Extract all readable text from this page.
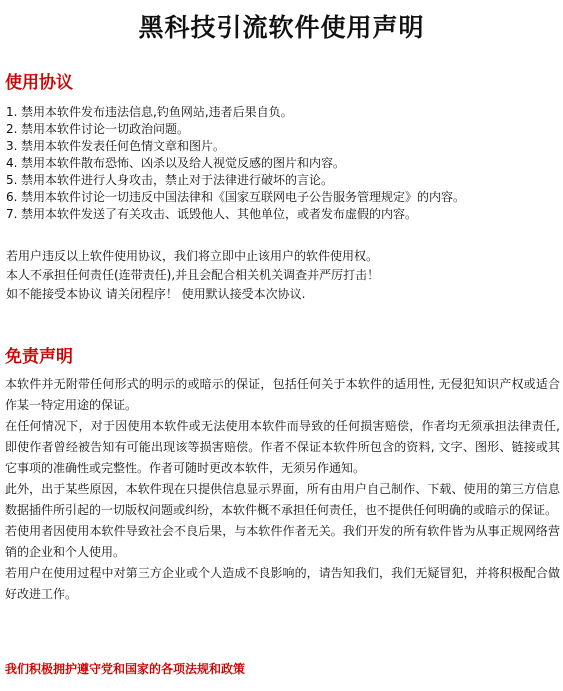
黑科技引流软件使用声明
使用协议
1. 禁用本软件发布违法信息,钓鱼网站,违者后果自负。
2. 禁用本软件讨论一切政治问题。
3. 禁用本软件发表任何色情文章和图片。
4. 禁用本软件散布恐怖、凶杀以及给人视觉反感的图片和内容。
5. 禁用本软件进行人身攻击，禁止对于法律进行破坏的言论。
6. 禁用本软件讨论一切违反中国法律和《国家互联网电子公告服务管理规定》的内容。
7. 禁用本软件发送了有关攻击、诋毁他人、其他单位，或者发布虚假的内容。
若用户违反以上软件使用协议，我们将立即中止该用户的软件使用权。
本人不承担任何责任(连带责任),并且会配合相关机关调查并严厉打击！
如不能接受本协议 请关闭程序！ 使用默认接受本次协议.
免责声明

本软件并无附带任何形式的明示的或暗示的保证，包括任何关于本软件的适用性, 无侵犯知识产权或适合作某一特定用途的保证。

在任何情况下，对于因使用本软件或无法使用本软件而导致的任何损害赔偿，作者均无须承担法律责任, 即使作者曾经被告知有可能出现该等损害赔偿。作者不保证本软件所包含的资料, 文字、图形、链接或其它事项的准确性或完整性。作者可随时更改本软件，无须另作通知。

此外，出于某些原因，本软件现在只提供信息显示界面，所有由用户自己制作、下载、使用的第三方信息数据插件所引起的一切版权问题或纠纷，本软件概不承担任何责任，也不提供任何明确的或暗示的保证。

若使用者因使用本软件导致社会不良后果，与本软件作者无关。我们开发的所有软件皆为从事正规网络营销的企业和个人使用。

若用户在使用过程中对第三方企业或个人造成不良影响的，请告知我们，我们无疑冒犯，并将积极配合做好改进工作。

我们积极拥护遵守党和国家的各项法规和政策
